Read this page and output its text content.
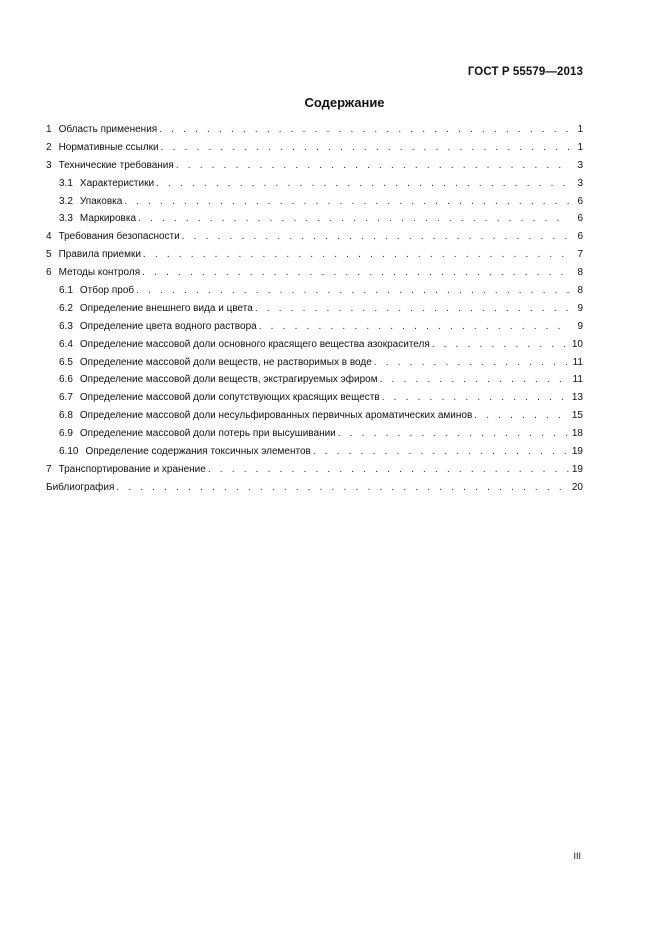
ГОСТ Р 55579—2013
Содержание
1 Область применения . . .	1
2 Нормативные ссылки . . .	1
3 Технические требования . . .	3
3.1 Характеристики . . .	3
3.2 Упаковка . . .	6
3.3 Маркировка . . .	6
4 Требования безопасности . . .	6
5 Правила приемки . . .	7
6 Методы контроля . . .	8
6.1 Отбор проб . . .	8
6.2 Определение внешнего вида и цвета . . .	9
6.3 Определение цвета водного раствора . . .	9
6.4 Определение массовой доли основного красящего вещества азокрасителя . . .	10
6.5 Определение массовой доли веществ, не растворимых в воде . . .	11
6.6 Определение массовой доли веществ, экстрагируемых эфиром . . .	11
6.7 Определение массовой доли сопутствующих красящих веществ . . .	13
6.8 Определение массовой доли несульфированных первичных ароматических аминов . . .	15
6.9 Определение массовой доли потерь при высушивании . . .	18
6.10 Определение содержания токсичных элементов . . .	19
7 Транспортирование и хранение . . .	19
Библиография . . .	20
III
